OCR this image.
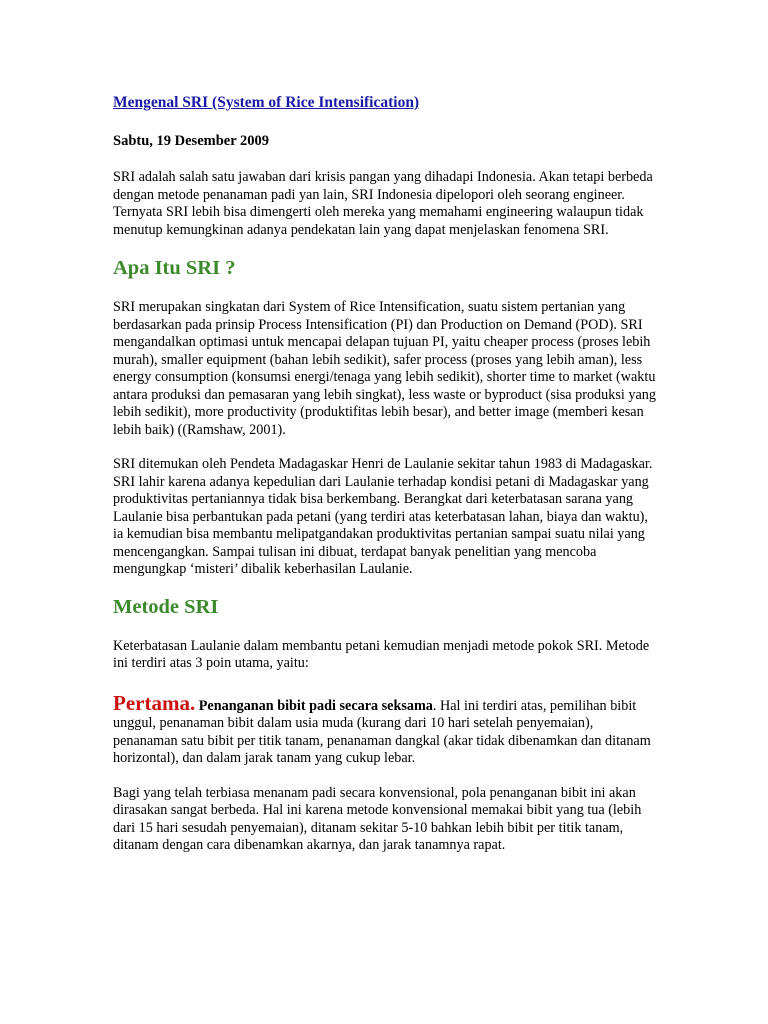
Mengenal SRI (System of Rice Intensification)
Sabtu, 19 Desember 2009

SRI adalah salah satu jawaban dari krisis pangan yang dihadapi Indonesia. Akan tetapi berbeda dengan metode penanaman padi yan lain, SRI Indonesia dipelopori oleh seorang engineer. Ternyata SRI lebih bisa dimengerti oleh mereka yang memahami engineering walaupun tidak menutup kemungkinan adanya pendekatan lain yang dapat menjelaskan fenomena SRI.

Apa Itu SRI ?

SRI merupakan singkatan dari System of Rice Intensification, suatu sistem pertanian yang berdasarkan pada prinsip Process Intensification (PI) dan Production on Demand (POD). SRI mengandalkan optimasi untuk mencapai delapan tujuan PI, yaitu cheaper process (proses lebih murah), smaller equipment (bahan lebih sedikit), safer process (proses yang lebih aman), less energy consumption (konsumsi energi/tenaga yang lebih sedikit), shorter time to market (waktu antara produksi dan pemasaran yang lebih singkat), less waste or byproduct (sisa produksi yang lebih sedikit), more productivity (produktifitas lebih besar), and better image (memberi kesan lebih baik) ((Ramshaw, 2001).

SRI ditemukan oleh Pendeta Madagaskar Henri de Laulanie sekitar tahun 1983 di Madagaskar. SRI lahir karena adanya kepedulian dari Laulanie terhadap kondisi petani di Madagaskar yang produktivitas pertaniannya tidak bisa berkembang. Berangkat dari keterbatasan sarana yang Laulanie bisa perbantukan pada petani (yang terdiri atas keterbatasan lahan, biaya dan waktu), ia kemudian bisa membantu melipatgandakan produktivitas pertanian sampai suatu nilai yang mencengangkan. Sampai tulisan ini dibuat, terdapat banyak penelitian yang mencoba mengungkap ‘misteri’ dibalik keberhasilan Laulanie.

Metode SRI

Keterbatasan Laulanie dalam membantu petani kemudian menjadi metode pokok SRI. Metode ini terdiri atas 3 poin utama, yaitu:

Pertama. Penanganan bibit padi secara seksama. Hal ini terdiri atas, pemilihan bibit unggul, penanaman bibit dalam usia muda (kurang dari 10 hari setelah penyemaian), penanaman satu bibit per titik tanam, penanaman dangkal (akar tidak dibenamkan dan ditanam horizontal), dan dalam jarak tanam yang cukup lebar.

Bagi yang telah terbiasa menanam padi secara konvensional, pola penanganan bibit ini akan dirasakan sangat berbeda. Hal ini karena metode konvensional memakai bibit yang tua (lebih dari 15 hari sesudah penyemaian), ditanam sekitar 5-10 bahkan lebih bibit per titik tanam, ditanam dengan cara dibenamkan akarnya, dan jarak tanamnya rapat.
